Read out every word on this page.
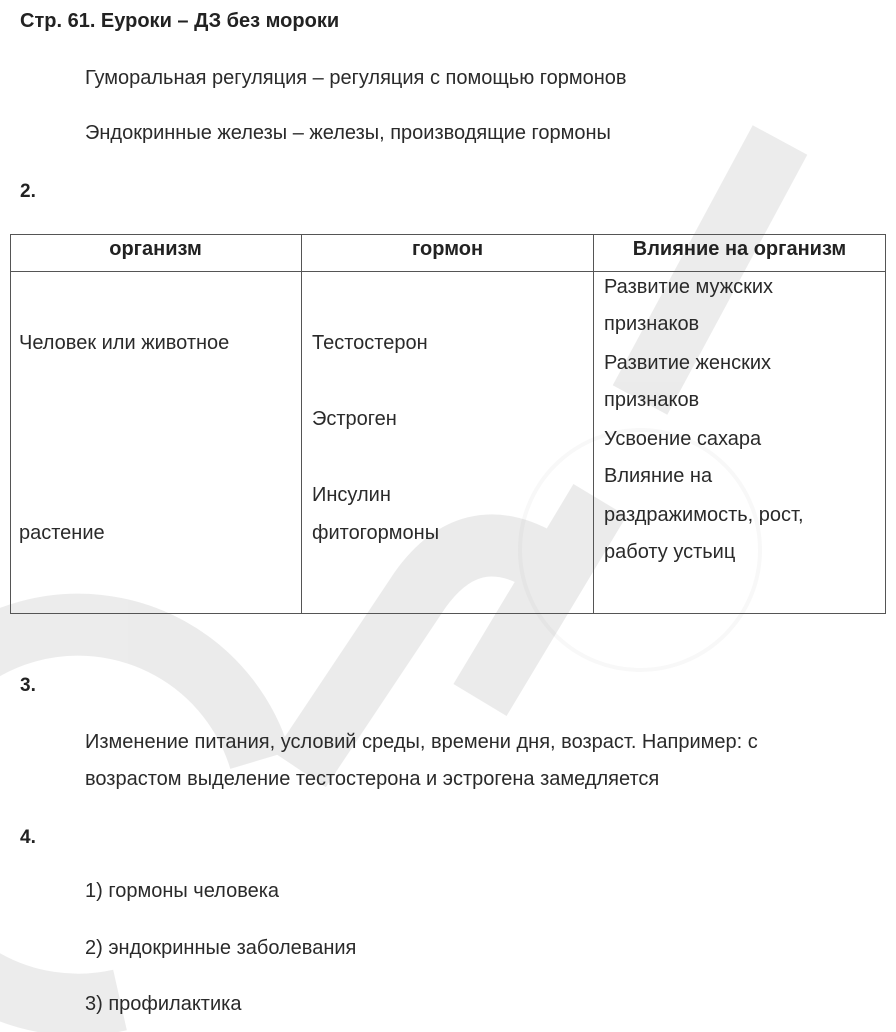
Стр. 61. Еуроки – ДЗ без мороки
Гуморальная регуляция – регуляция с помощью гормонов
Эндокринные железы – железы, производящие гормоны
2.
организм	гормон	Влияние на организм
Человек или животное
растение
Тестостерон
Эстроген
Инсулин
фитогормоны
Развитие мужских
признаков
Развитие женских
признаков
Усвоение сахара
Влияние на
раздражимость, рост,
работу устьиц
3.
Изменение питания, условий среды, времени дня, возраст. Например: с
возрастом выделение тестостерона и эстрогена замедляется
4.
1) гормоны человека
2) эндокринные заболевания
3) профилактика
